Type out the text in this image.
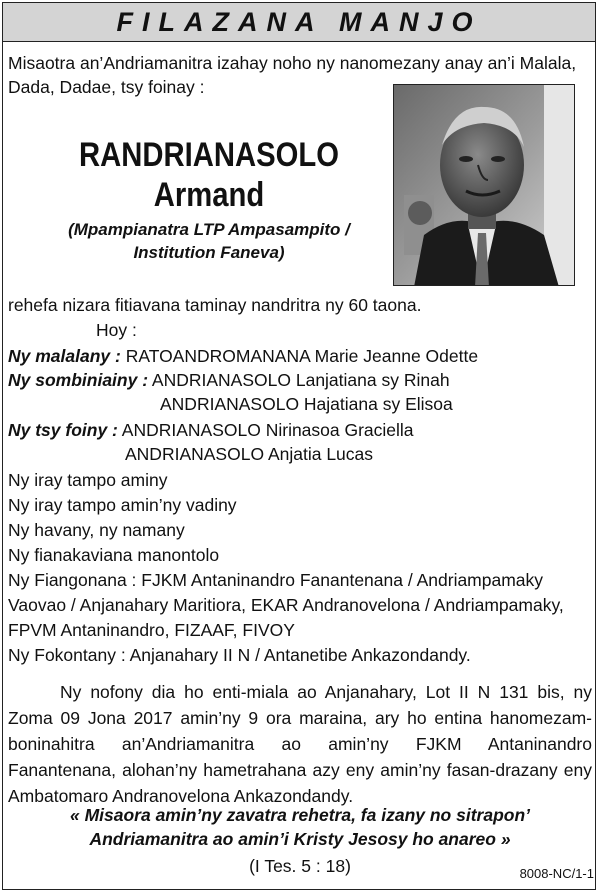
FILAZANA MANJO
Misaotra an’Andriamanitra izahay noho ny nanomezany anay an’i Malala, Dada, Dadae, tsy foinay :
RANDRIANASOLO
Armand
(Mpampianatra LTP Ampasampito /
Institution Faneva)
rehefa nizara fitiavana taminay nandritra ny 60 taona.
Hoy :
Ny malalany : RATOANDROMANANA Marie Jeanne Odette
Ny sombiniainy : ANDRIANASOLO Lanjatiana sy Rinah
ANDRIANASOLO Hajatiana sy Elisoa
Ny tsy foiny : ANDRIANASOLO Nirinasoa Graciella
ANDRIANASOLO Anjatia Lucas
Ny iray tampo aminy
Ny iray tampo amin’ny vadiny
Ny havany, ny namany
Ny fianakaviana manontolo
Ny Fiangonana : FJKM Antaninandro Fanantenana / Andriampamaky
Vaovao / Anjanahary Maritiora, EKAR Andranovelona / Andriampamaky,
FPVM Antaninandro, FIZAAF, FIVOY
Ny Fokontany : Anjanahary II N / Antanetibe Ankazondandy.
Ny nofony dia ho enti-miala ao Anjanahary, Lot II N 131 bis, ny Zoma 09 Jona 2017 amin’ny 9 ora maraina, ary ho entina hanomezam-boninahitra an’Andriamanitra ao amin’ny FJKM Antaninandro Fanantenana, alohan’ny hametrahana azy eny amin’ny fasan-drazany eny Ambatomaro Andranovelona Ankazondandy.
« Misaora amin’ny zavatra rehetra, fa izany no sitrapon’
Andriamanitra ao amin’i Kristy Jesosy ho anareo »
(I Tes. 5 : 18)	8008-NC/1-1
